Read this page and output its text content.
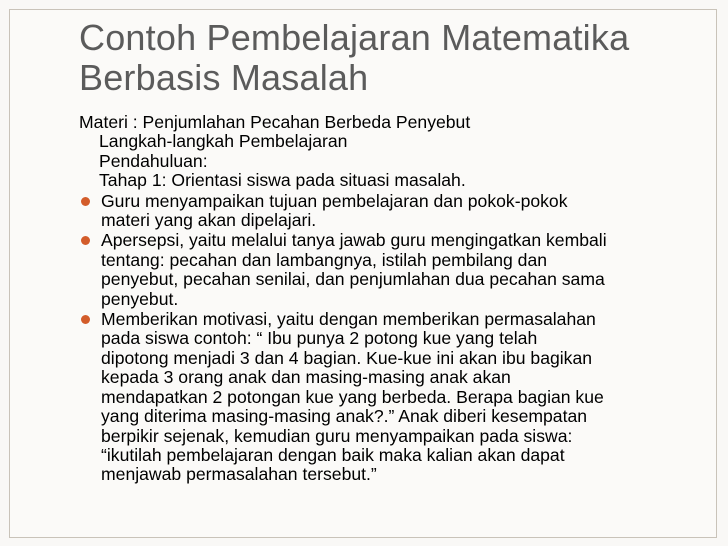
Contoh Pembelajaran Matematika
Berbasis Masalah

Materi : Penjumlahan Pecahan Berbeda Penyebut

Langkah-langkah Pembelajaran

Pendahuluan:

Tahap 1: Orientasi siswa pada situasi masalah.

Guru menyampaikan tujuan pembelajaran dan pokok-pokok
materi yang akan dipelajari.
Apersepsi, yaitu melalui tanya jawab guru mengingatkan kembali
tentang: pecahan dan lambangnya, istilah pembilang dan
penyebut, pecahan senilai, dan penjumlahan dua pecahan sama
penyebut.
Memberikan motivasi, yaitu dengan memberikan permasalahan
pada siswa contoh: “ Ibu punya 2 potong kue yang telah
dipotong menjadi 3 dan 4 bagian. Kue-kue ini akan ibu bagikan
kepada 3 orang anak dan masing-masing anak akan
mendapatkan 2 potongan kue yang berbeda. Berapa bagian kue
yang diterima masing-masing anak?.” Anak diberi kesempatan
berpikir sejenak, kemudian guru menyampaikan pada siswa:
“ikutilah pembelajaran dengan baik maka kalian akan dapat
menjawab permasalahan tersebut.”
